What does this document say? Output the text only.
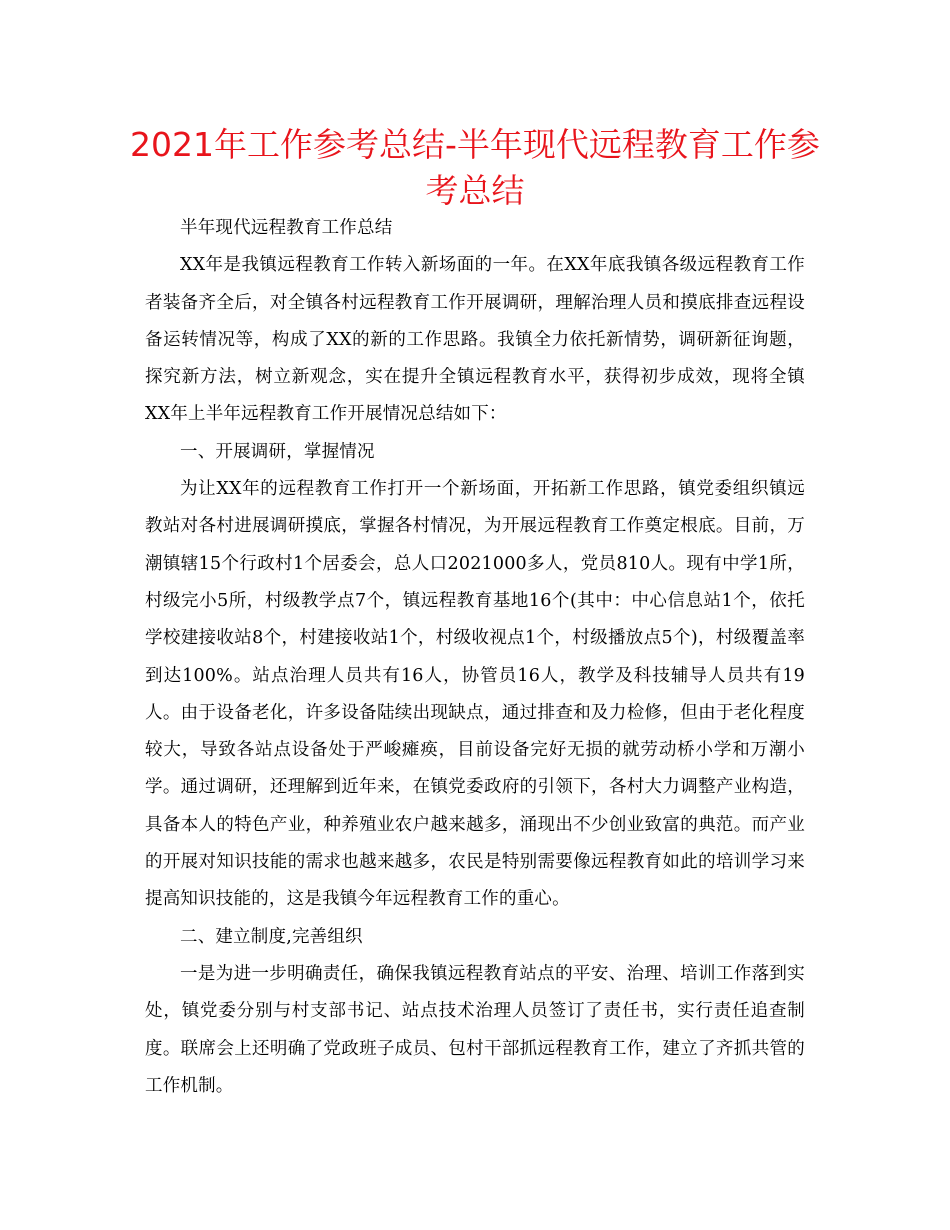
2021年工作参考总结-半年现代远程教育工作参考总结

半年现代远程教育工作总结

XX年是我镇远程教育工作转入新场面的一年。在XX年底我镇各级远程教育工作者装备齐全后，对全镇各村远程教育工作开展调研，理解治理人员和摸底排查远程设备运转情况等，构成了XX的新的工作思路。我镇全力依托新情势，调研新征询题，探究新方法，树立新观念，实在提升全镇远程教育水平，获得初步成效，现将全镇XX年上半年远程教育工作开展情况总结如下：

一、开展调研，掌握情况

为让XX年的远程教育工作打开一个新场面，开拓新工作思路，镇党委组织镇远教站对各村进展调研摸底，掌握各村情况，为开展远程教育工作奠定根底。目前，万潮镇辖15个行政村1个居委会，总人口2021000多人，党员810人。现有中学1所，村级完小5所，村级教学点7个，镇远程教育基地16个(其中：中心信息站1个，依托学校建接收站8个，村建接收站1个，村级收视点1个，村级播放点5个)，村级覆盖率到达100%。站点治理人员共有16人，协管员16人，教学及科技辅导人员共有19人。由于设备老化，许多设备陆续出现缺点，通过排查和及力检修，但由于老化程度较大，导致各站点设备处于严峻瘫痪，目前设备完好无损的就劳动桥小学和万潮小学。通过调研，还理解到近年来，在镇党委政府的引领下，各村大力调整产业构造，具备本人的特色产业，种养殖业农户越来越多，涌现出不少创业致富的典范。而产业的开展对知识技能的需求也越来越多，农民是特别需要像远程教育如此的培训学习来提高知识技能的，这是我镇今年远程教育工作的重心。

二、建立制度,完善组织

一是为进一步明确责任，确保我镇远程教育站点的平安、治理、培训工作落到实处，镇党委分别与村支部书记、站点技术治理人员签订了责任书，实行责任追查制度。联席会上还明确了党政班子成员、包村干部抓远程教育工作，建立了齐抓共管的工作机制。
